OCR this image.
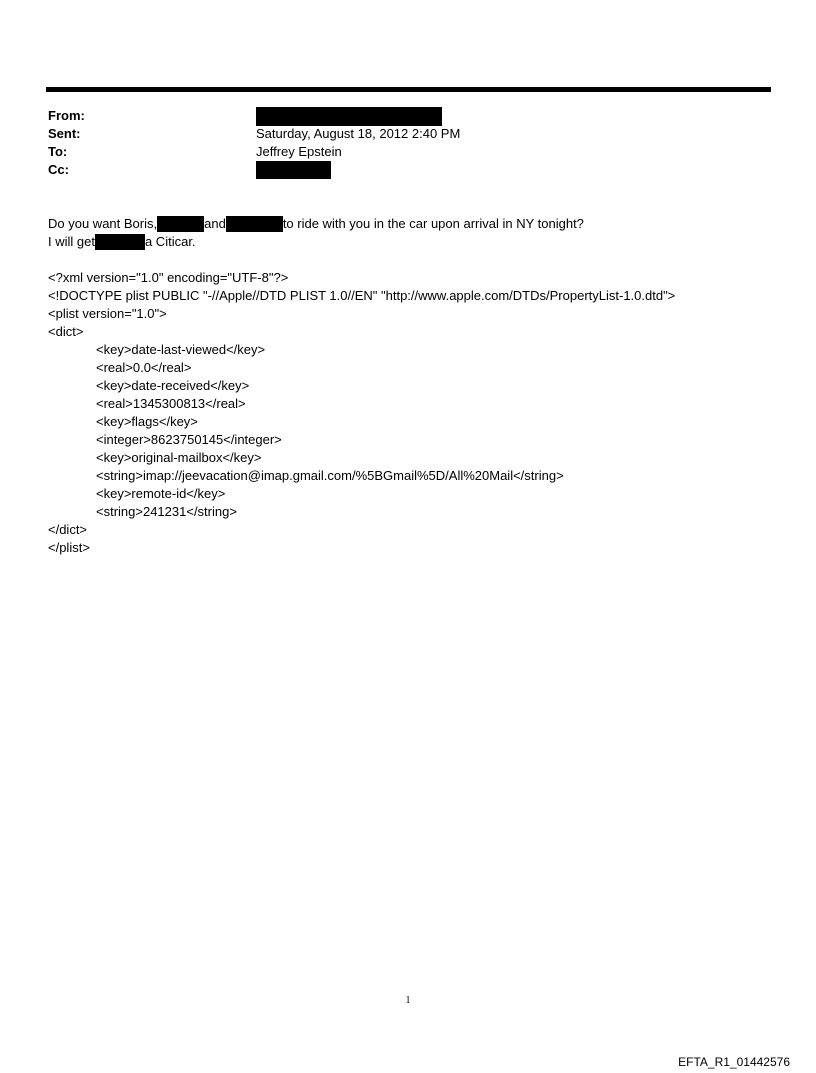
From:
Sent:	Saturday, August 18, 2012 2:40 PM
To:	Jeffrey Epstein
Cc:
Do you want Boris,	and	to ride with you in the car upon arrival in NY tonight?
I will get	a Citicar.
<?xml version="1.0" encoding="UTF-8"?>
<!DOCTYPE plist PUBLIC "-//Apple//DTD PLIST 1.0//EN" "http://www.apple.com/DTDs/PropertyList-1.0.dtd">
<plist version="1.0">
<dict>
<key>date-last-viewed</key>
<real>0.0</real>
<key>date-received</key>
<real>1345300813</real>
<key>flags</key>
<integer>8623750145</integer>
<key>original-mailbox</key>
<string>imap://jeevacation@imap.gmail.com/%5BGmail%5D/All%20Mail</string>
<key>remote-id</key>
<string>241231</string>
</dict>
</plist>
1
EFTA_R1_01442576
